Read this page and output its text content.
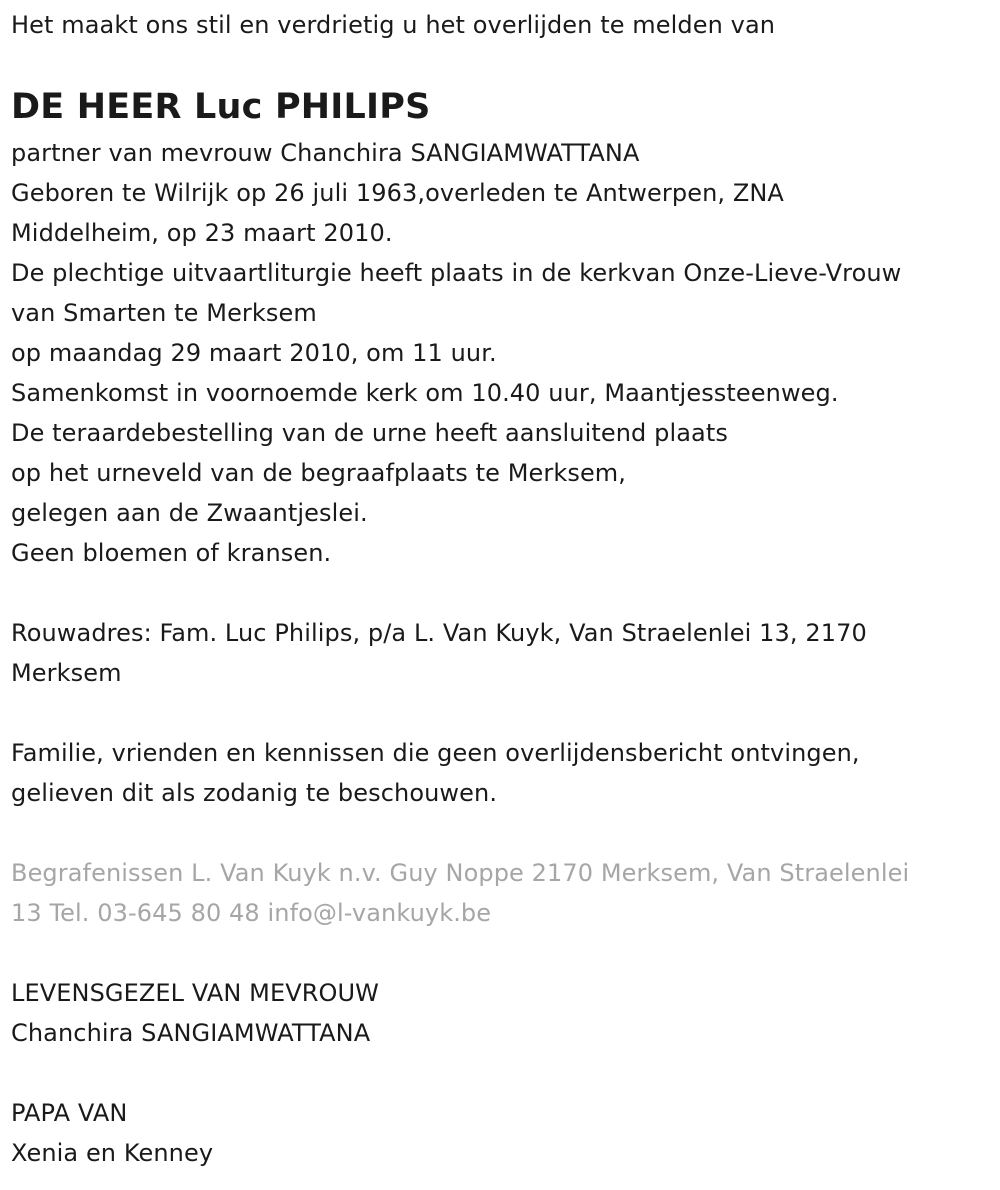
Het maakt ons stil en verdrietig u het overlijden te melden van
DE HEER Luc PHILIPS
partner van mevrouw Chanchira SANGIAMWATTANA
Geboren te Wilrijk op 26 juli 1963,overleden te Antwerpen, ZNA
Middelheim, op 23 maart 2010.
De plechtige uitvaartliturgie heeft plaats in de kerkvan Onze-Lieve-Vrouw
van Smarten te Merksem
op maandag 29 maart 2010, om 11 uur.
Samenkomst in voornoemde kerk om 10.40 uur, Maantjessteenweg.
De teraardebestelling van de urne heeft aansluitend plaats
op het urneveld van de begraafplaats te Merksem,
gelegen aan de Zwaantjeslei.
Geen bloemen of kransen.
Rouwadres: Fam. Luc Philips, p/a L. Van Kuyk, Van Straelenlei 13, 2170
Merksem
Familie, vrienden en kennissen die geen overlijdensbericht ontvingen,
gelieven dit als zodanig te beschouwen.
Begrafenissen L. Van Kuyk n.v. Guy Noppe 2170 Merksem, Van Straelenlei
13 Tel. 03-645 80 48 info@l-vankuyk.be
LEVENSGEZEL VAN MEVROUW
Chanchira SANGIAMWATTANA
PAPA VAN
Xenia en Kenney
